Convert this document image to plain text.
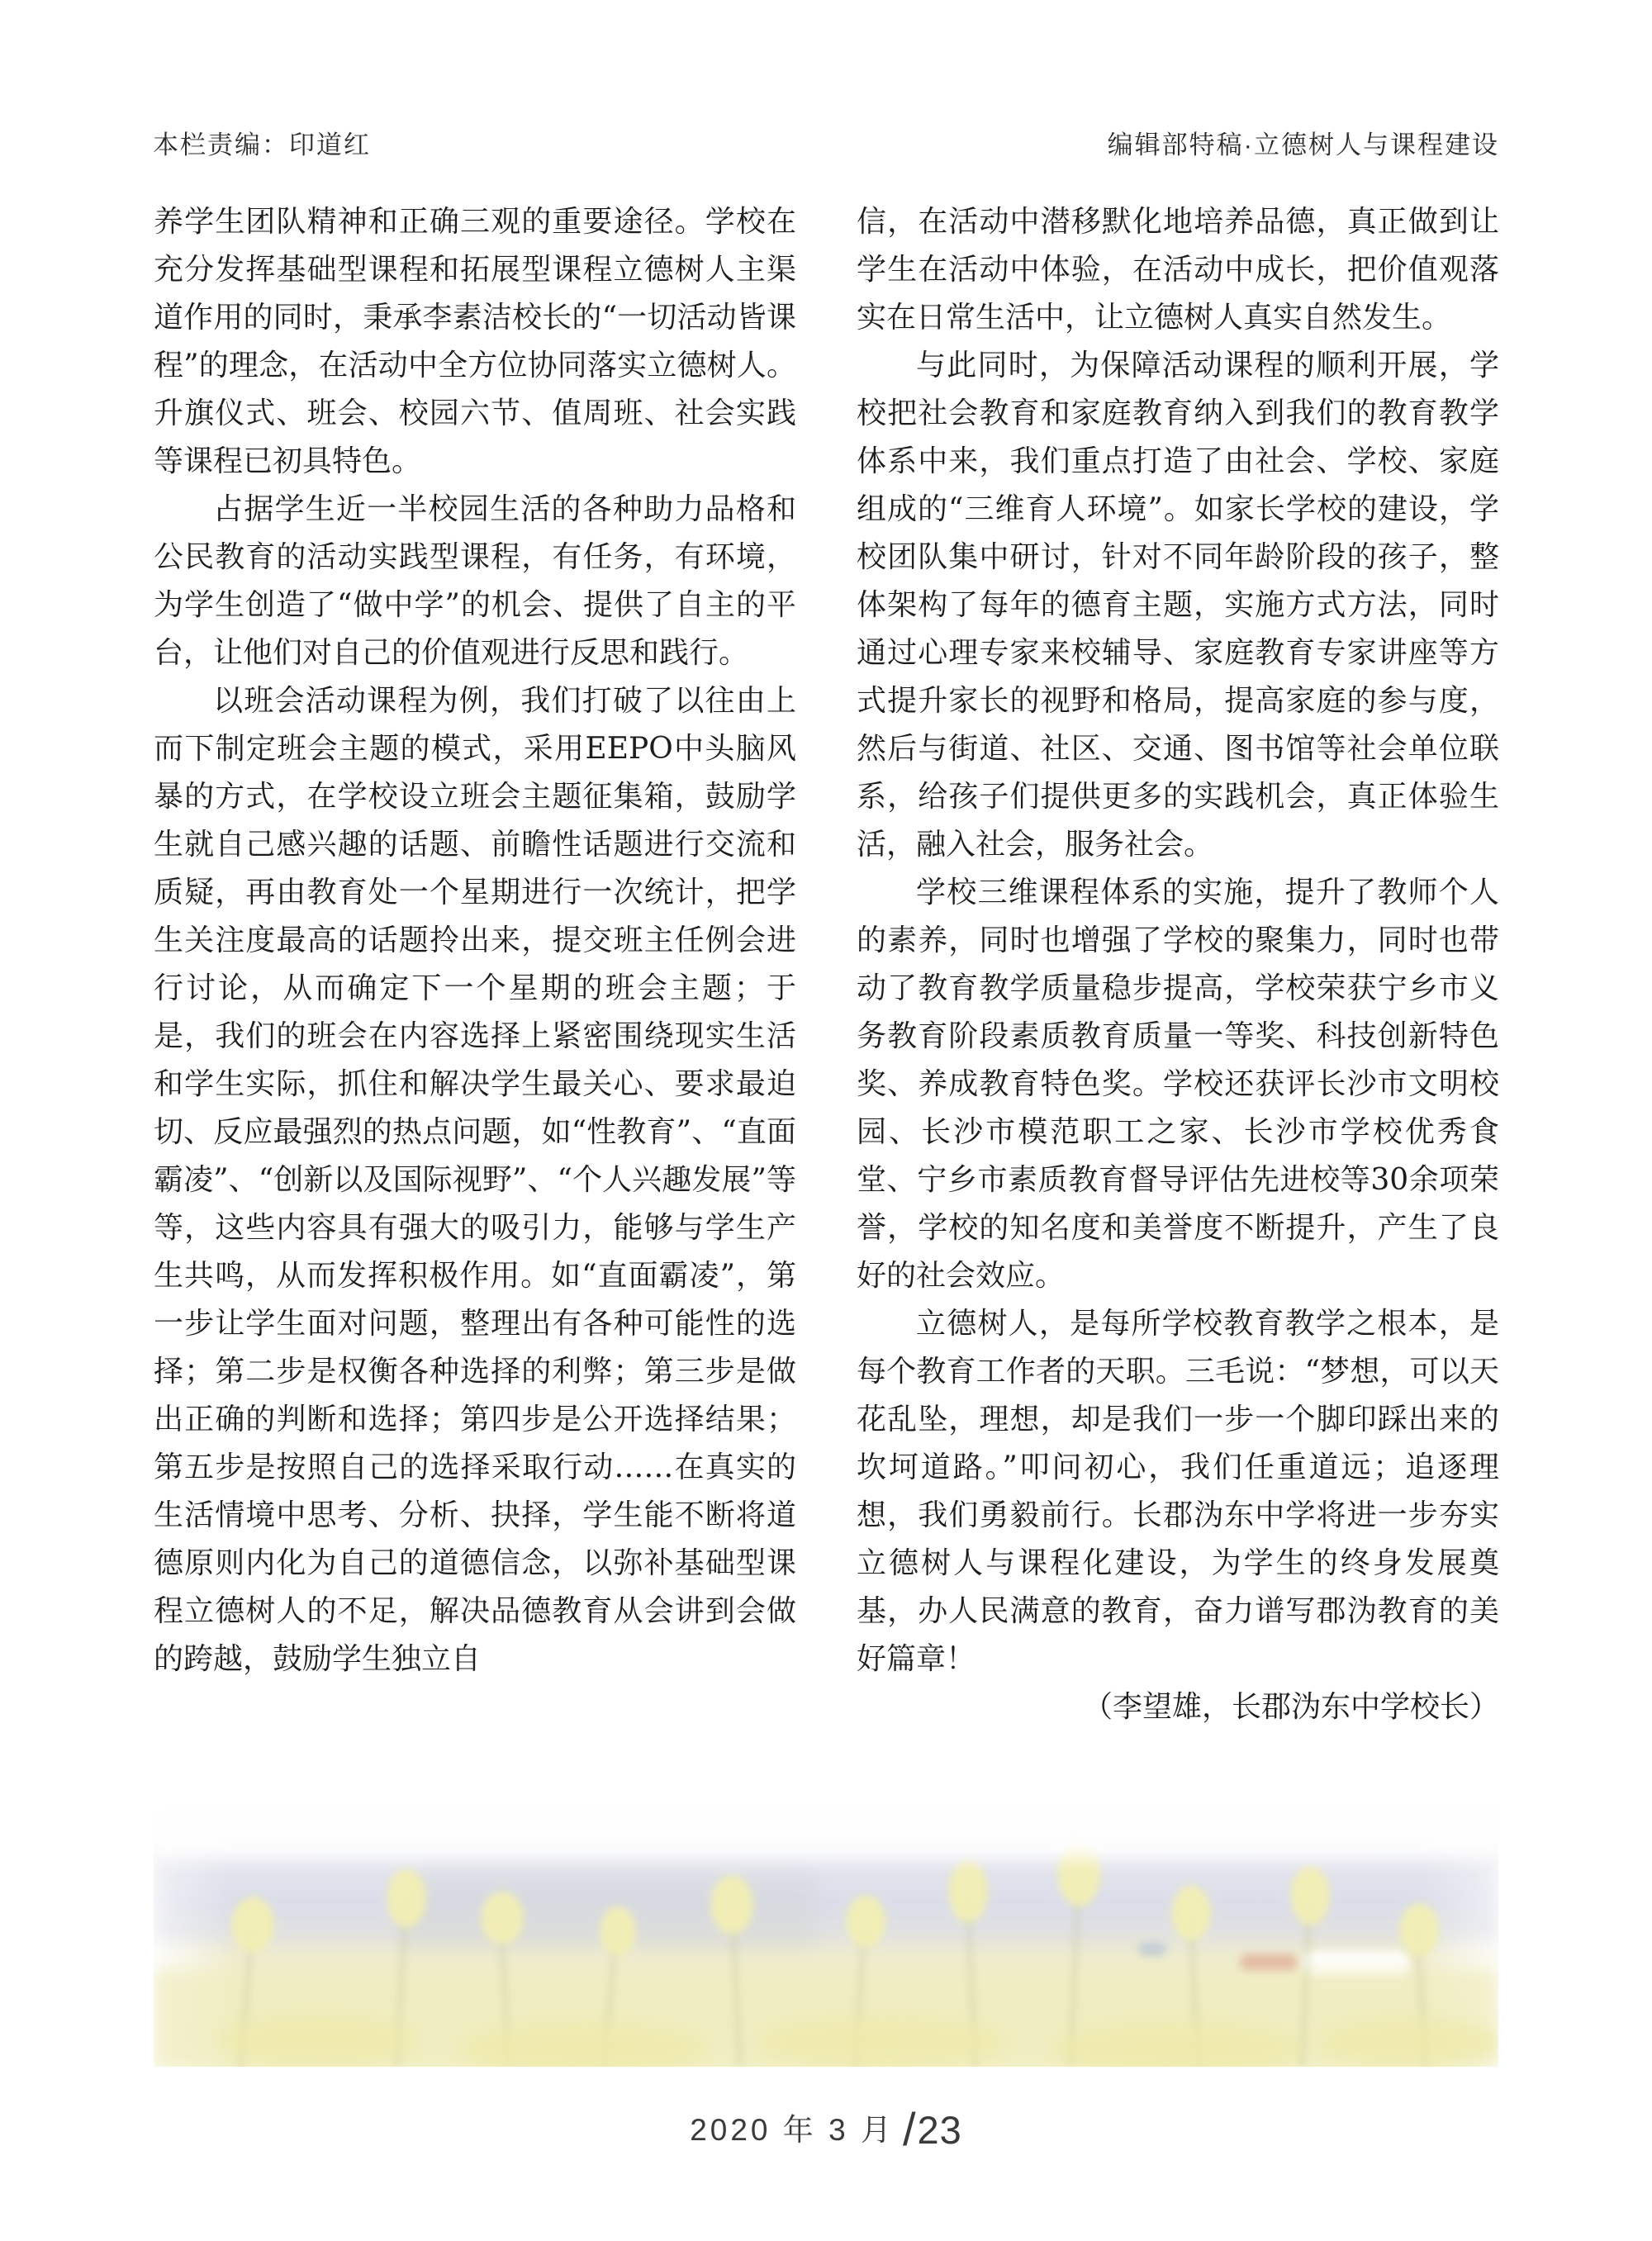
本栏责编：印道红	编辑部特稿·立德树人与课程建设

养学生团队精神和正确三观的重要途径。学校在充分发挥基础型课程和拓展型课程立德树人主渠道作用的同时，秉承李素洁校长的“一切活动皆课程”的理念，在活动中全方位协同落实立德树人。升旗仪式、班会、校园六节、值周班、社会实践等课程已初具特色。

占据学生近一半校园生活的各种助力品格和公民教育的活动实践型课程，有任务，有环境，为学生创造了“做中学”的机会、提供了自主的平台，让他们对自己的价值观进行反思和践行。

以班会活动课程为例，我们打破了以往由上而下制定班会主题的模式，采用EEPO中头脑风暴的方式，在学校设立班会主题征集箱，鼓励学生就自己感兴趣的话题、前瞻性话题进行交流和质疑，再由教育处一个星期进行一次统计，把学生关注度最高的话题拎出来，提交班主任例会进行讨论，从而确定下一个星期的班会主题；于是，我们的班会在内容选择上紧密围绕现实生活和学生实际，抓住和解决学生最关心、要求最迫切、反应最强烈的热点问题，如“性教育”、“直面霸凌”、“创新以及国际视野”、“个人兴趣发展”等等，这些内容具有强大的吸引力，能够与学生产生共鸣，从而发挥积极作用。如“直面霸凌”，第一步让学生面对问题，整理出有各种可能性的选择；第二步是权衡各种选择的利弊；第三步是做出正确的判断和选择；第四步是公开选择结果；第五步是按照自己的选择采取行动……在真实的生活情境中思考、分析、抉择，学生能不断将道德原则内化为自己的道德信念，以弥补基础型课程立德树人的不足，解决品德教育从会讲到会做的跨越，鼓励学生独立自

信，在活动中潜移默化地培养品德，真正做到让学生在活动中体验，在活动中成长，把价值观落实在日常生活中，让立德树人真实自然发生。

与此同时，为保障活动课程的顺利开展，学校把社会教育和家庭教育纳入到我们的教育教学体系中来，我们重点打造了由社会、学校、家庭组成的“三维育人环境”。如家长学校的建设，学校团队集中研讨，针对不同年龄阶段的孩子，整体架构了每年的德育主题，实施方式方法，同时通过心理专家来校辅导、家庭教育专家讲座等方式提升家长的视野和格局，提高家庭的参与度，然后与街道、社区、交通、图书馆等社会单位联系，给孩子们提供更多的实践机会，真正体验生活，融入社会，服务社会。

学校三维课程体系的实施，提升了教师个人的素养，同时也增强了学校的聚集力，同时也带动了教育教学质量稳步提高，学校荣获宁乡市义务教育阶段素质教育质量一等奖、科技创新特色奖、养成教育特色奖。学校还获评长沙市文明校园、长沙市模范职工之家、长沙市学校优秀食堂、宁乡市素质教育督导评估先进校等30余项荣誉，学校的知名度和美誉度不断提升，产生了良好的社会效应。

立德树人，是每所学校教育教学之根本，是每个教育工作者的天职。三毛说：“梦想，可以天花乱坠，理想，却是我们一步一个脚印踩出来的坎坷道路。”叩问初心，我们任重道远；追逐理想，我们勇毅前行。长郡沩东中学将进一步夯实立德树人与课程化建设，为学生的终身发展奠基，办人民满意的教育，奋力谱写郡沩教育的美好篇章！

（李望雄，长郡沩东中学校长）

2020 年 3 月 /23
